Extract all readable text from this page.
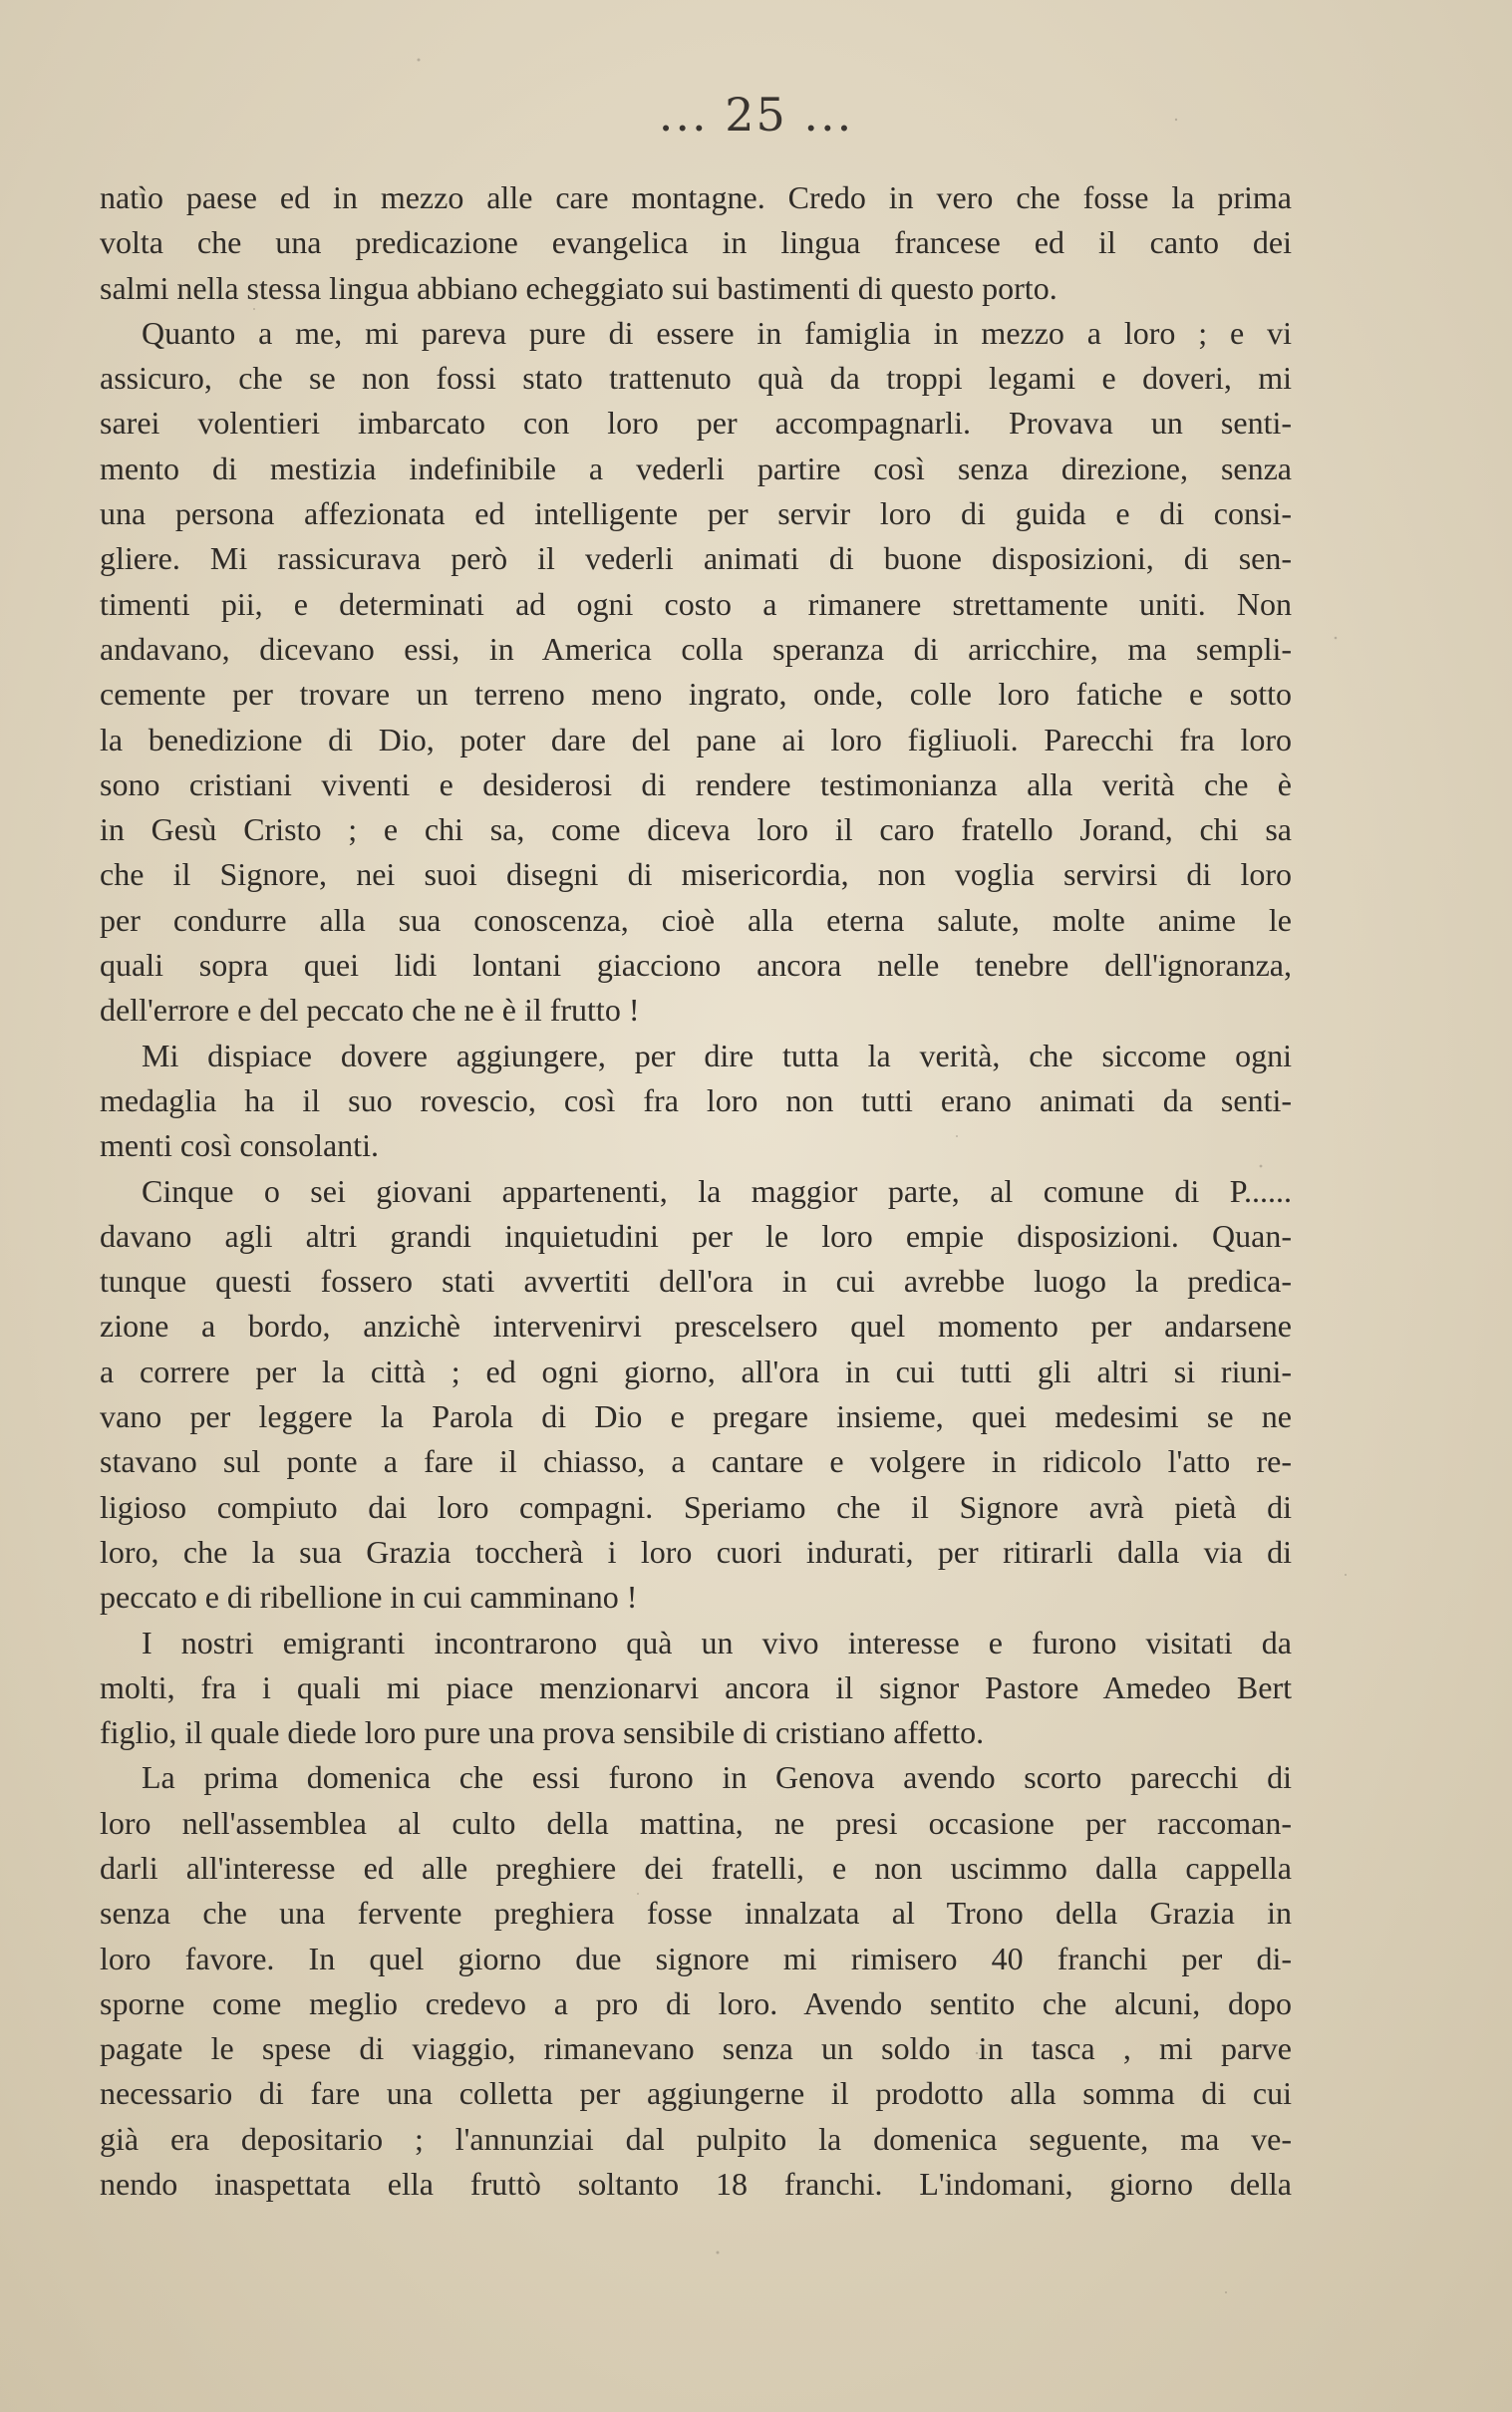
... 25 ...

natìo paese ed in mezzo alle care montagne. Credo in vero che fosse la prima

volta che una predicazione evangelica in lingua francese ed il canto dei

salmi nella stessa lingua abbiano echeggiato sui bastimenti di questo porto.

Quanto a me, mi pareva pure di essere in famiglia in mezzo a loro ; e vi

assicuro, che se non fossi stato trattenuto quà da troppi legami e doveri, mi

sarei volentieri imbarcato con loro per accompagnarli. Provava un senti-

mento di mestizia indefinibile a vederli partire così senza direzione, senza

una persona affezionata ed intelligente per servir loro di guida e di consi-

gliere. Mi rassicurava però il vederli animati di buone disposizioni, di sen-

timenti pii, e determinati ad ogni costo a rimanere strettamente uniti. Non

andavano, dicevano essi, in America colla speranza di arricchire, ma sempli-

cemente per trovare un terreno meno ingrato, onde, colle loro fatiche e sotto

la benedizione di Dio, poter dare del pane ai loro figliuoli. Parecchi fra loro

sono cristiani viventi e desiderosi di rendere testimonianza alla verità che è

in Gesù Cristo ; e chi sa, come diceva loro il caro fratello Jorand, chi sa

che il Signore, nei suoi disegni di misericordia, non voglia servirsi di loro

per condurre alla sua conoscenza, cioè alla eterna salute, molte anime le

quali sopra quei lidi lontani giacciono ancora nelle tenebre dell'ignoranza,

dell'errore e del peccato che ne è il frutto !

Mi dispiace dovere aggiungere, per dire tutta la verità, che siccome ogni

medaglia ha il suo rovescio, così fra loro non tutti erano animati da senti-

menti così consolanti.

Cinque o sei giovani appartenenti, la maggior parte, al comune di P......

davano agli altri grandi inquietudini per le loro empie disposizioni. Quan-

tunque questi fossero stati avvertiti dell'ora in cui avrebbe luogo la predica-

zione a bordo, anzichè intervenirvi prescelsero quel momento per andarsene

a correre per la città ; ed ogni giorno, all'ora in cui tutti gli altri si riuni-

vano per leggere la Parola di Dio e pregare insieme, quei medesimi se ne

stavano sul ponte a fare il chiasso, a cantare e volgere in ridicolo l'atto re-

ligioso compiuto dai loro compagni. Speriamo che il Signore avrà pietà di

loro, che la sua Grazia toccherà i loro cuori indurati, per ritirarli dalla via di

peccato e di ribellione in cui camminano !

I nostri emigranti incontrarono quà un vivo interesse e furono visitati da

molti, fra i quali mi piace menzionarvi ancora il signor Pastore Amedeo Bert

figlio, il quale diede loro pure una prova sensibile di cristiano affetto.

La prima domenica che essi furono in Genova avendo scorto parecchi di

loro nell'assemblea al culto della mattina, ne presi occasione per raccoman-

darli all'interesse ed alle preghiere dei fratelli, e non uscimmo dalla cappella

senza che una fervente preghiera fosse innalzata al Trono della Grazia in

loro favore. In quel giorno due signore mi rimisero 40 franchi per di-

sporne come meglio credevo a pro di loro. Avendo sentito che alcuni, dopo

pagate le spese di viaggio, rimanevano senza un soldo in tasca , mi parve

necessario di fare una colletta per aggiungerne il prodotto alla somma di cui

già era depositario ; l'annunziai dal pulpito la domenica seguente, ma ve-

nendo inaspettata ella fruttò soltanto 18 franchi. L'indomani, giorno della
